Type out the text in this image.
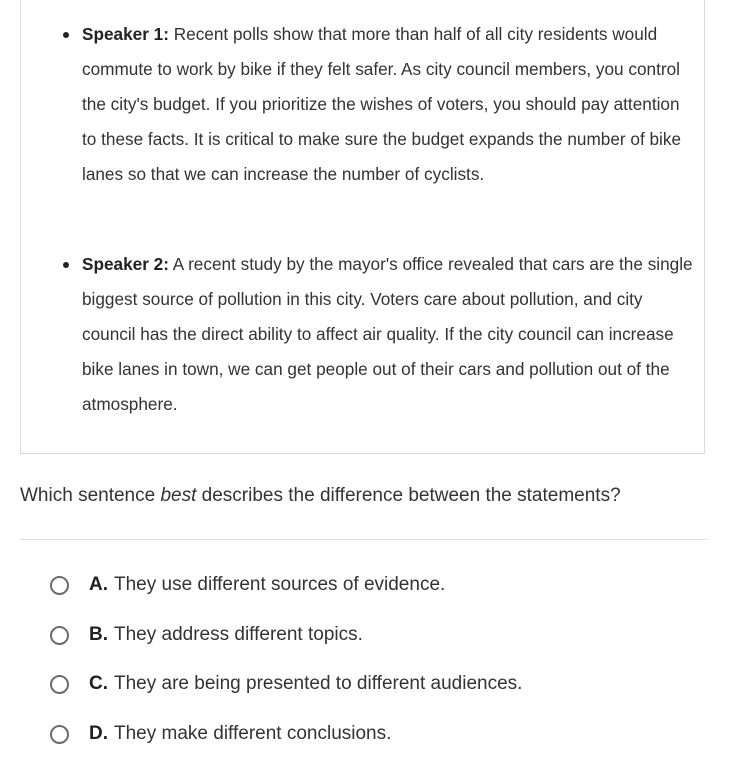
Speaker 1: Recent polls show that more than half of all city residents would commute to work by bike if they felt safer. As city council members, you control the city's budget. If you prioritize the wishes of voters, you should pay attention to these facts. It is critical to make sure the budget expands the number of bike lanes so that we can increase the number of cyclists.
Speaker 2: A recent study by the mayor's office revealed that cars are the single biggest source of pollution in this city. Voters care about pollution, and city council has the direct ability to affect air quality. If the city council can increase bike lanes in town, we can get people out of their cars and pollution out of the atmosphere.

Which sentence best describes the difference between the statements?

A. They use different sources of evidence.
B. They address different topics.
C. They are being presented to different audiences.
D. They make different conclusions.
